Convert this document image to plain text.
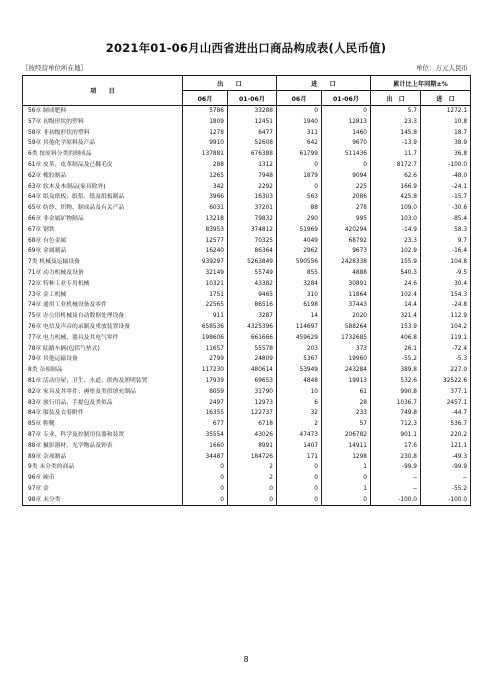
2021年01-06月山西省进出口商品构成表(人民币值)
〖按经营单位所在地〗	单位：万元人民币
项　　目	出　　口		进　　口		累计比上年同期±%	
	06月	01-06月	06月	01-06月	出　口	进　口
56章 制成肥料	5786	33288	0	0	5.7	1272.1
57章 初级形状的塑料	1809	12451	1940	12813	23.3	10.8
58章 非初级形状的塑料	1278	6477	311	1460	145.8	18.7
59章 其他化学原料及产品	9910	52608	642	9670	-13.9	38.9
6类 按原料分类的制成品	137881	676388	61799	511436	11.7	36.8
61章 皮革、皮革制品及已鞣毛皮	288	1312	0	0	8172.7	-100.0
62章 橡胶制品	1265	7948	1879	9094	62.6	-48.0
63章 软木及木制品(家具除外)	342	2292	0	225	166.9	-24.1
64章 纸及纸板；纸浆、纸及纸板制品	3966	16303	563	2086	425.8	-15.7
65章 纺纱、织物、制成品及有关产品	6031	37201	88	278	109.0	-30.6
66章 非金属矿物制品	13218	79832	290	995	103.0	-85.4
67章 钢铁	83953	374812	51969	420294	-14.9	58.3
68章 有色金属	12577	70325	4049	68792	23.3	9.7
69章 金属制品	16240	86364	2962	9673	102.9	-16.4
7类 机械及运输设备	939297	5263849	590556	2428338	155.9	104.8
71章 动力机械及设备	32149	55749	855	4888	540.3	-9.5
72章 特种工业专用机械	10321	43382	3284	30891	24.6	30.4
73章 金工机械	1751	9465	310	11864	102.4	154.3
74章 通用工业机械设备及零件	22565	86516	6198	37443	14.4	-24.8
75章 办公用机械及自动数据处理设备	911	3287	14	2020	321.4	112.9
76章 电信及声音的录制及重放装置设备	658536	4325396	114697	588264	153.9	104.2
77章 电力机械、器具及其电气零件	198606	661666	459629	1732685	406.8	119.1
78章 陆路车辆(包括气垫式)	11657	55578	203	373	26.1	-72.4
79章 其他运输设备	2799	24809	5367	19960	-55.2	-5.3
8类 杂项制品	117230	480614	53949	243284	389.8	227.0
81章 活动房屋；卫生、水道、供热及照明装置	17939	69653	4848	19913	532.6	32522.6
82章 家具及其零件；褥垫及类似填充制品	8059	31790	10	61	990.8	377.1
83章 旅行用品、手提包及类似品	2497	12973	6	28	1036.7	2457.1
84章 服装及衣着附件	16355	122737	32	233	749.8	-44.7
85章 鞋靴	677	6718	2	57	712.3	536.7
87章 专业、科学及控制用仪器和装置	35554	43026	47473	206782	901.1	220.2
88章 摄影器材、光学物品及钟表	1660	8991	1407	14911	17.6	121.1
89章 杂项制品	34487	184726	171	1298	230.8	-49.3
9类 未分类的商品	0	2	0	1	-99.9	-99.9
96章 硬币	0	2	0	0	--	--
97章 金	0	0	0	1	--	-55.2
98章 未分类	0	0	0	0	-100.0	-100.0
8
